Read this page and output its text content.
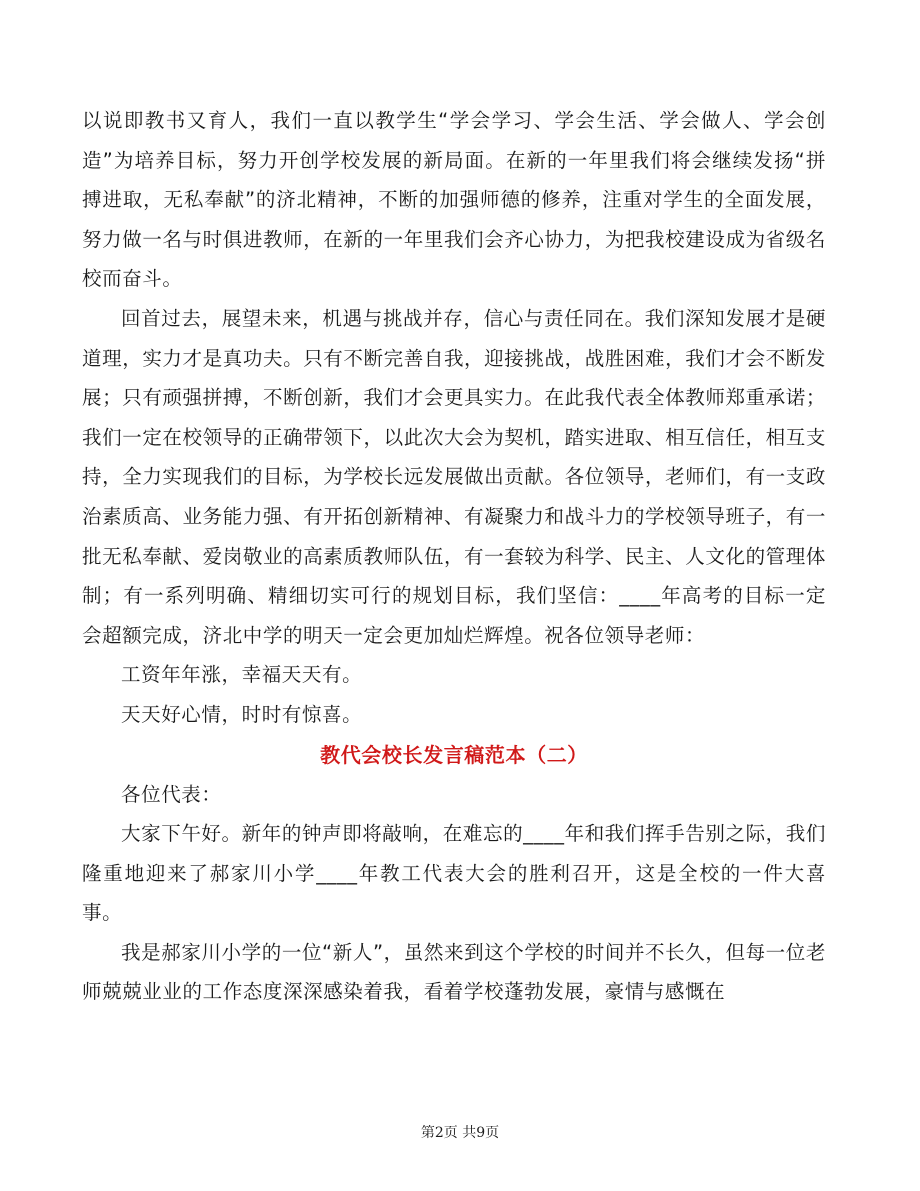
以说即教书又育人，我们一直以教学生“学会学习、学会生活、学会做人、学会创造”为培养目标，努力开创学校发展的新局面。在新的一年里我们将会继续发扬“拼搏进取，无私奉献”的济北精神，不断的加强师德的修养，注重对学生的全面发展，努力做一名与时俱进教师，在新的一年里我们会齐心协力，为把我校建设成为省级名校而奋斗。

回首过去，展望未来，机遇与挑战并存，信心与责任同在。我们深知发展才是硬道理，实力才是真功夫。只有不断完善自我，迎接挑战，战胜困难，我们才会不断发展；只有顽强拼搏，不断创新，我们才会更具实力。在此我代表全体教师郑重承诺；我们一定在校领导的正确带领下，以此次大会为契机，踏实进取、相互信任，相互支持，全力实现我们的目标，为学校长远发展做出贡献。各位领导，老师们，有一支政治素质高、业务能力强、有开拓创新精神、有凝聚力和战斗力的学校领导班子，有一批无私奉献、爱岗敬业的高素质教师队伍，有一套较为科学、民主、人文化的管理体制；有一系列明确、精细切实可行的规划目标，我们坚信：____年高考的目标一定会超额完成，济北中学的明天一定会更加灿烂辉煌。祝各位领导老师：

工资年年涨，幸福天天有。

天天好心情，时时有惊喜。

教代会校长发言稿范本（二）

各位代表：

大家下午好。新年的钟声即将敲响，在难忘的____年和我们挥手告别之际，我们隆重地迎来了郝家川小学____年教工代表大会的胜利召开，这是全校的一件大喜事。

我是郝家川小学的一位“新人”，虽然来到这个学校的时间并不长久，但每一位老师兢兢业业的工作态度深深感染着我，看着学校蓬勃发展，豪情与感慨在

第2页 共9页
